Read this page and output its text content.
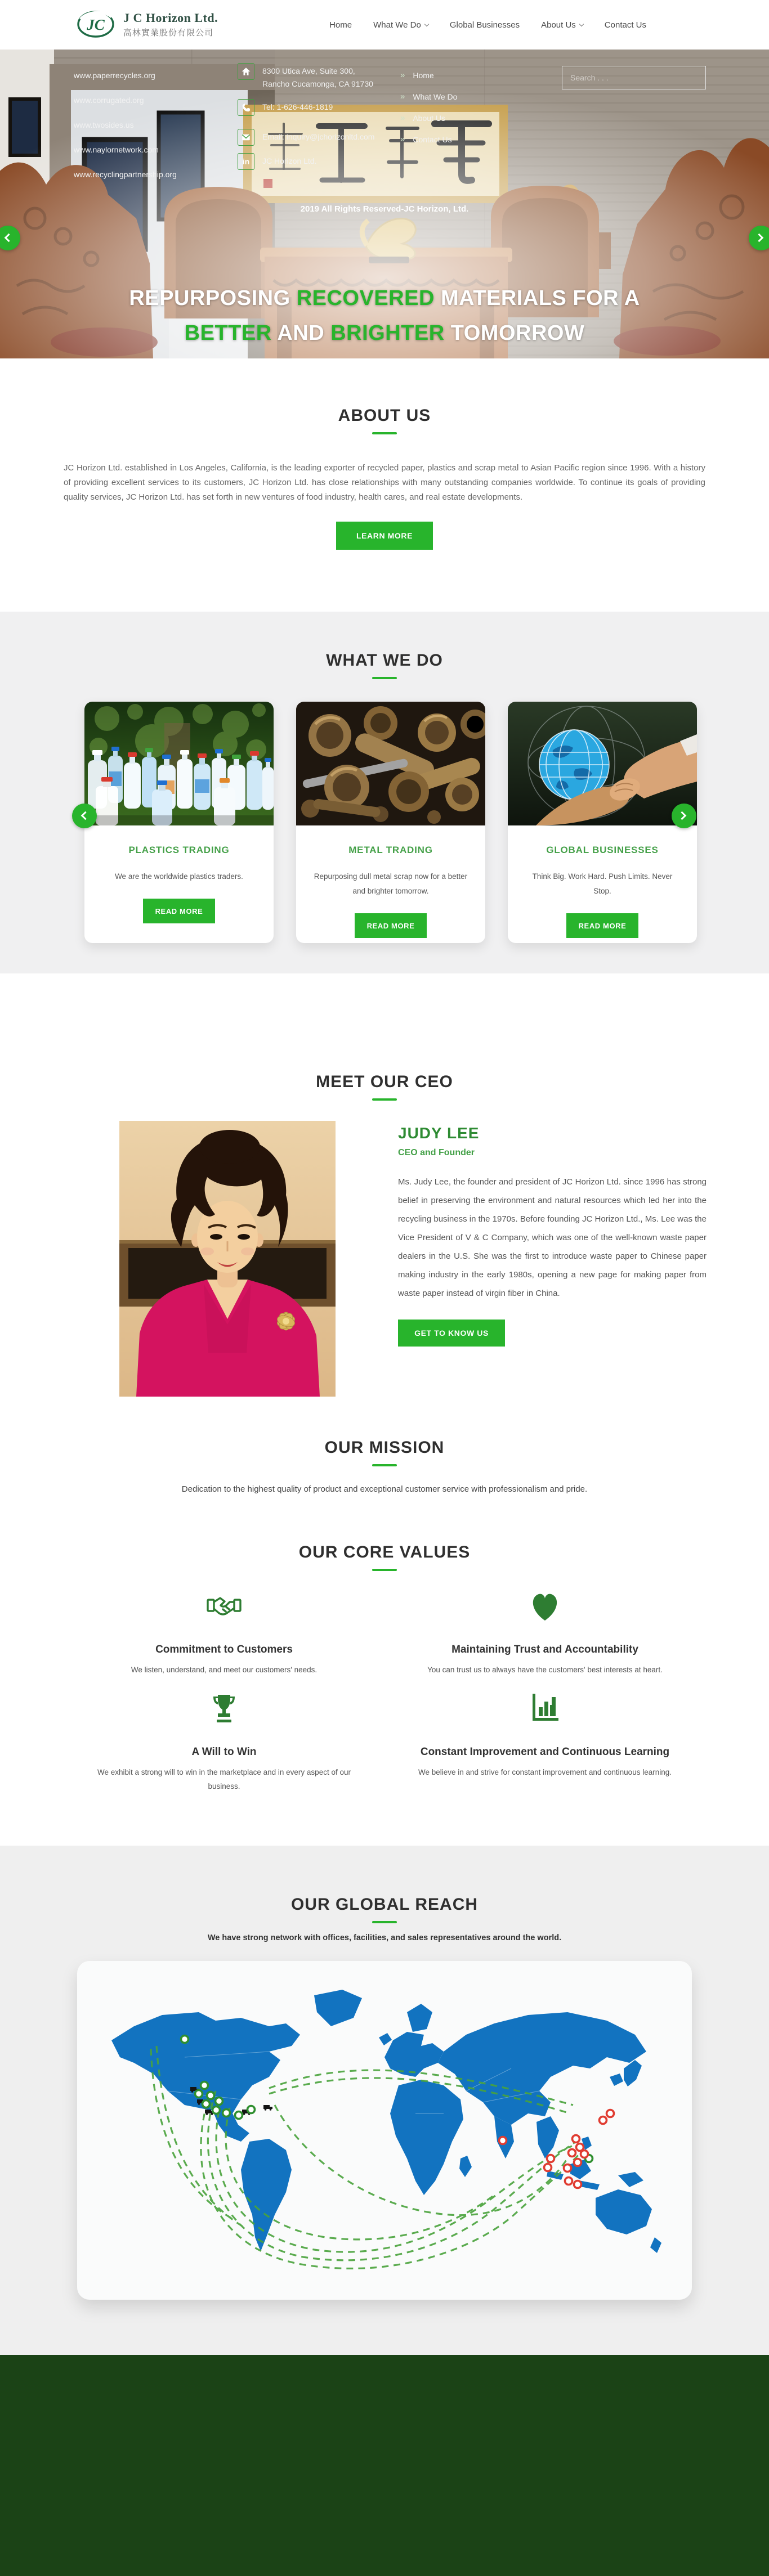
JC J C Horizon Ltd.
高林實業股份有限公司
Home	What We Do	Global Businesses	About Us	Contact Us
REPURPOSING RECOVERED MATERIALS FOR A
BETTER AND BRIGHTER TOMORROW
ABOUT US

JC Horizon Ltd. established in Los Angeles, California, is the leading exporter of recycled paper, plastics and scrap metal to Asian Pacific region since 1996. With a history of providing excellent services to its customers, JC Horizon Ltd. has close relationships with many outstanding companies worldwide. To continue its goals of providing quality services, JC Horizon Ltd. has set forth in new ventures of food industry, health cares, and real estate developments.

LEARN MORE
WHAT WE DO
PLASTICS TRADING
We are the worldwide plastics traders.
READ MORE
METAL TRADING
Repurposing dull metal scrap now for a better and brighter tomorrow.
READ MORE
GLOBAL BUSINESSES
Think Big. Work Hard. Push Limits. Never Stop.
READ MORE
MEET OUR CEO
JUDY LEE
CEO and Founder

Ms. Judy Lee, the founder and president of JC Horizon Ltd. since 1996 has strong belief in preserving the environment and natural resources which led her into the recycling business in the 1970s. Before founding JC Horizon Ltd., Ms. Lee was the Vice President of V & C Company, which was one of the well-known waste paper dealers in the U.S. She was the first to introduce waste paper to Chinese paper making industry in the early 1980s, opening a new page for making paper from waste paper instead of virgin fiber in China.

GET TO KNOW US
OUR MISSION

Dedication to the highest quality of product and exceptional customer service with professionalism and pride.

OUR CORE VALUES
Commitment to Customers
We listen, understand, and meet our customers' needs.
Maintaining Trust and Accountability
You can trust us to always have the customers' best interests at heart.
A Will to Win
We exhibit a strong will to win in the marketplace and in every aspect of our business.
Constant Improvement and Continuous Learning
We believe in and strive for constant improvement and continuous learning.
OUR GLOBAL REACH

We have strong network with offices, facilities, and sales representatives around the world.

www.paperrecycles.org
www.corrugated.org
www.twosides.us
www.naylornetwork.com
www.recyclingpartnership.org
8300 Utica Ave, Suite 300,
Rancho Cucamonga, CA 91730
Tel: 1-626-446-1819
Email: inquiry@jchorizonltd.com
in	JC Horizon Ltd.
» Home
» What We Do
» About Us
» Contact Us
Search . . .
2019 All Rights Reserved-JC Horizon, Ltd.
